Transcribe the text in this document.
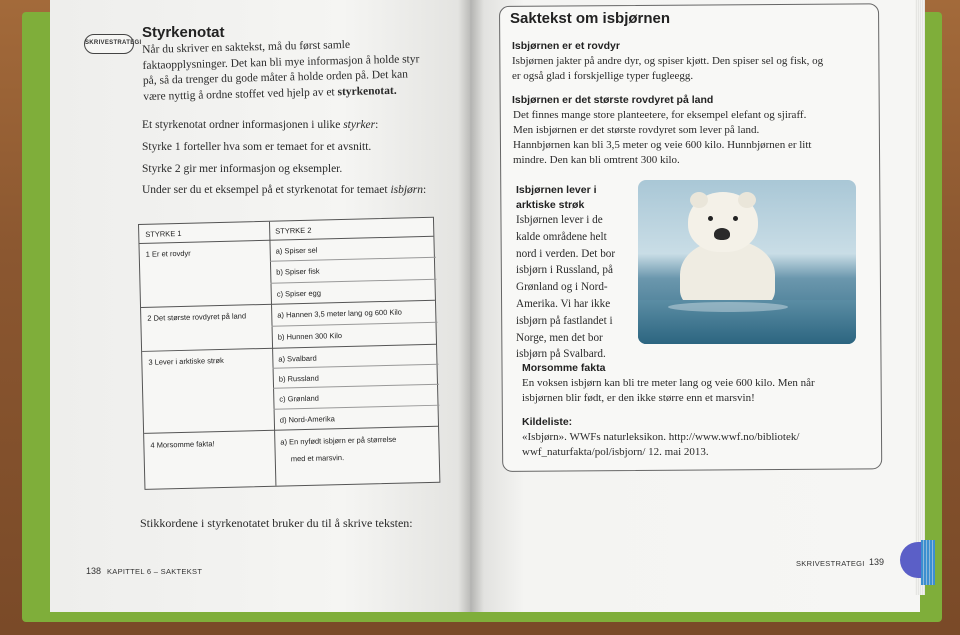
SKRIVESTRATEGI
Styrkenotat
Når du skriver en saktekst, må du først samle
faktaopplysninger. Det kan bli mye informasjon å holde styr
på, så da trenger du gode måter å holde orden på. Det kan
være nyttig å ordne stoffet ved hjelp av et styrkenotat.
Et styrkenotat ordner informasjonen i ulike styrker:
Styrke 1 forteller hva som er temaet for et avsnitt.
Styrke 2 gir mer informasjon og eksempler.
Under ser du et eksempel på et styrkenotat for temaet isbjørn:
STYRKE 1	STYRKE 2
1 Er et rovdyr	a) Spiser sel
b) Spiser fisk
c) Spiser egg
2 Det største rovdyret på land	a) Hannen 3,5 meter lang og 600 Kilo
b) Hunnen 300 Kilo
3 Lever i arktiske strøk	a) Svalbard
b) Russland
c) Grønland
d) Nord-Amerika
4 Morsomme fakta!	a) En nyfødt isbjørn er på størrelse
med et marsvin.
Stikkordene i styrkenotatet bruker du til å skrive teksten:
138 KAPITTEL 6 – SAKTEKST
Saktekst om isbjørnen
Isbjørnen er et rovdyr
Isbjørnen jakter på andre dyr, og spiser kjøtt. Den spiser sel og fisk, og
er også glad i forskjellige typer fugleegg.
Isbjørnen er det største rovdyret på land
Det finnes mange store planteetere, for eksempel elefant og sjiraff.
Men isbjørnen er det største rovdyret som lever på land.
Hannbjørnen kan bli 3,5 meter og veie 600 kilo. Hunnbjørnen er litt
mindre. Den kan bli omtrent 300 kilo.
Isbjørnen lever i
arktiske strøk
Isbjørnen lever i de
kalde områdene helt
nord i verden. Det bor
isbjørn i Russland, på
Grønland og i Nord-
Amerika. Vi har ikke
isbjørn på fastlandet i
Norge, men det bor
isbjørn på Svalbard.
Morsomme fakta
En voksen isbjørn kan bli tre meter lang og veie 600 kilo. Men når
isbjørnen blir født, er den ikke større enn et marsvin!
Kildeliste:
«Isbjørn». WWFs naturleksikon. http://www.wwf.no/bibliotek/
wwf_naturfakta/pol/isbjorn/ 12. mai 2013.
SKRIVESTRATEGI 139
